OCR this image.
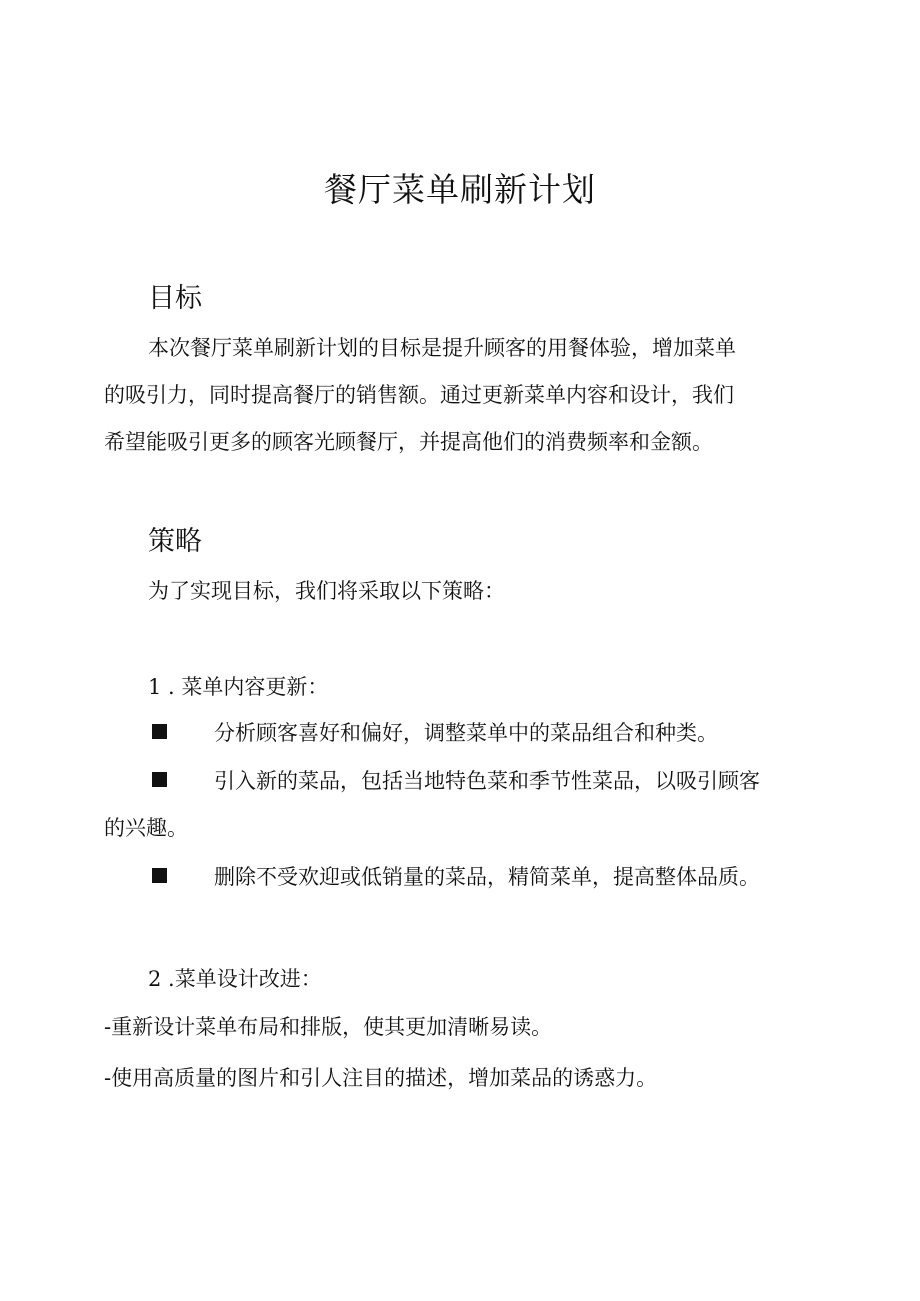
餐厅菜单刷新计划
目标
本次餐厅菜单刷新计划的目标是提升顾客的用餐体验，增加菜单
的吸引力，同时提高餐厅的销售额。通过更新菜单内容和设计，我们
希望能吸引更多的顾客光顾餐厅，并提高他们的消费频率和金额。
策略
为了实现目标，我们将采取以下策略：
1 . 菜单内容更新：
分析顾客喜好和偏好，调整菜单中的菜品组合和种类。
引入新的菜品，包括当地特色菜和季节性菜品，以吸引顾客
的兴趣。
删除不受欢迎或低销量的菜品，精简菜单，提高整体品质。
2 .菜单设计改进：
-重新设计菜单布局和排版，使其更加清晰易读。
-使用高质量的图片和引人注目的描述，增加菜品的诱惑力。
